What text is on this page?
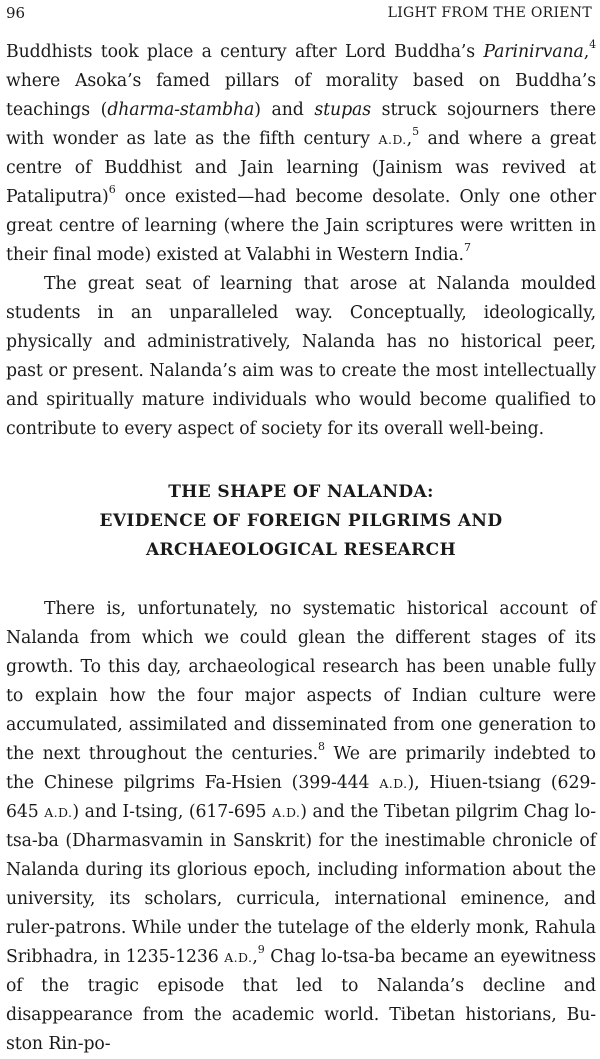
96	LIGHT FROM THE ORIENT

Buddhists took place a century after Lord Buddha’s Parinirvana,$^4$ where Asoka’s famed pillars of morality based on Buddha’s teachings (dharma-stambha) and stupas struck sojourners there with wonder as late as the fifth century A.D.,$^5$ and where a great centre of Buddhist and Jain learning (Jainism was revived at Pataliputra)$^6$ once existed—had become desolate. Only one other great centre of learning (where the Jain scriptures were written in their final mode) existed at Valabhi in Western India.$^7$

The great seat of learning that arose at Nalanda moulded students in an unparalleled way. Conceptually, ideologically, physically and administratively, Nalanda has no historical peer, past or present. Nalanda’s aim was to create the most intellectually and spiritually mature individuals who would become qualified to contribute to every aspect of society for its overall well-being.

THE SHAPE OF NALANDA:
EVIDENCE OF FOREIGN PILGRIMS AND
ARCHAEOLOGICAL RESEARCH

There is, unfortunately, no systematic historical account of Nalanda from which we could glean the different stages of its growth. To this day, archaeological research has been unable fully to explain how the four major aspects of Indian culture were accumulated, assimilated and disseminated from one generation to the next throughout the centuries.$^8$ We are primarily indebted to the Chinese pilgrims Fa-Hsien (399-444 A.D.), Hiuen-tsiang (629-645 A.D.) and I-tsing, (617-695 A.D.) and the Tibetan pilgrim Chag lo-tsa-ba (Dharmasvamin in Sanskrit) for the inestimable chronicle of Nalanda during its glorious epoch, including information about the university, its scholars, curricula, international eminence, and ruler-patrons. While under the tutelage of the elderly monk, Rahula Sribhadra, in 1235-1236 A.D.,$^9$ Chag lo-tsa-ba became an eyewitness of the tragic episode that led to Nalanda’s decline and disappearance from the academic world. Tibetan historians, Bu-ston Rin-po-
